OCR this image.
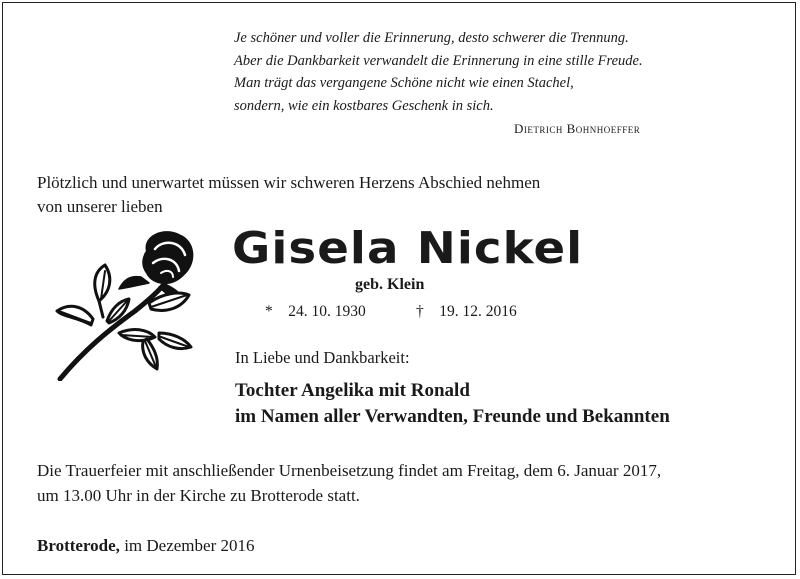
Je schöner und voller die Erinnerung, desto schwerer die Trennung.
Aber die Dankbarkeit verwandelt die Erinnerung in eine stille Freude.
Man trägt das vergangene Schöne nicht wie einen Stachel,
sondern, wie ein kostbares Geschenk in sich.
Dietrich Bohnhoeffer
Plötzlich und unerwartet müssen wir schweren Herzens Abschied nehmen
von unserer lieben
Gisela Nickel
geb. Klein
* 24. 10. 1930	† 19. 12. 2016
In Liebe und Dankbarkeit:
Tochter Angelika mit Ronald
im Namen aller Verwandten, Freunde und Bekannten
Die Trauerfeier mit anschließender Urnenbeisetzung findet am Freitag, dem 6. Januar 2017,
um 13.00 Uhr in der Kirche zu Brotterode statt.
Brotterode, im Dezember 2016
